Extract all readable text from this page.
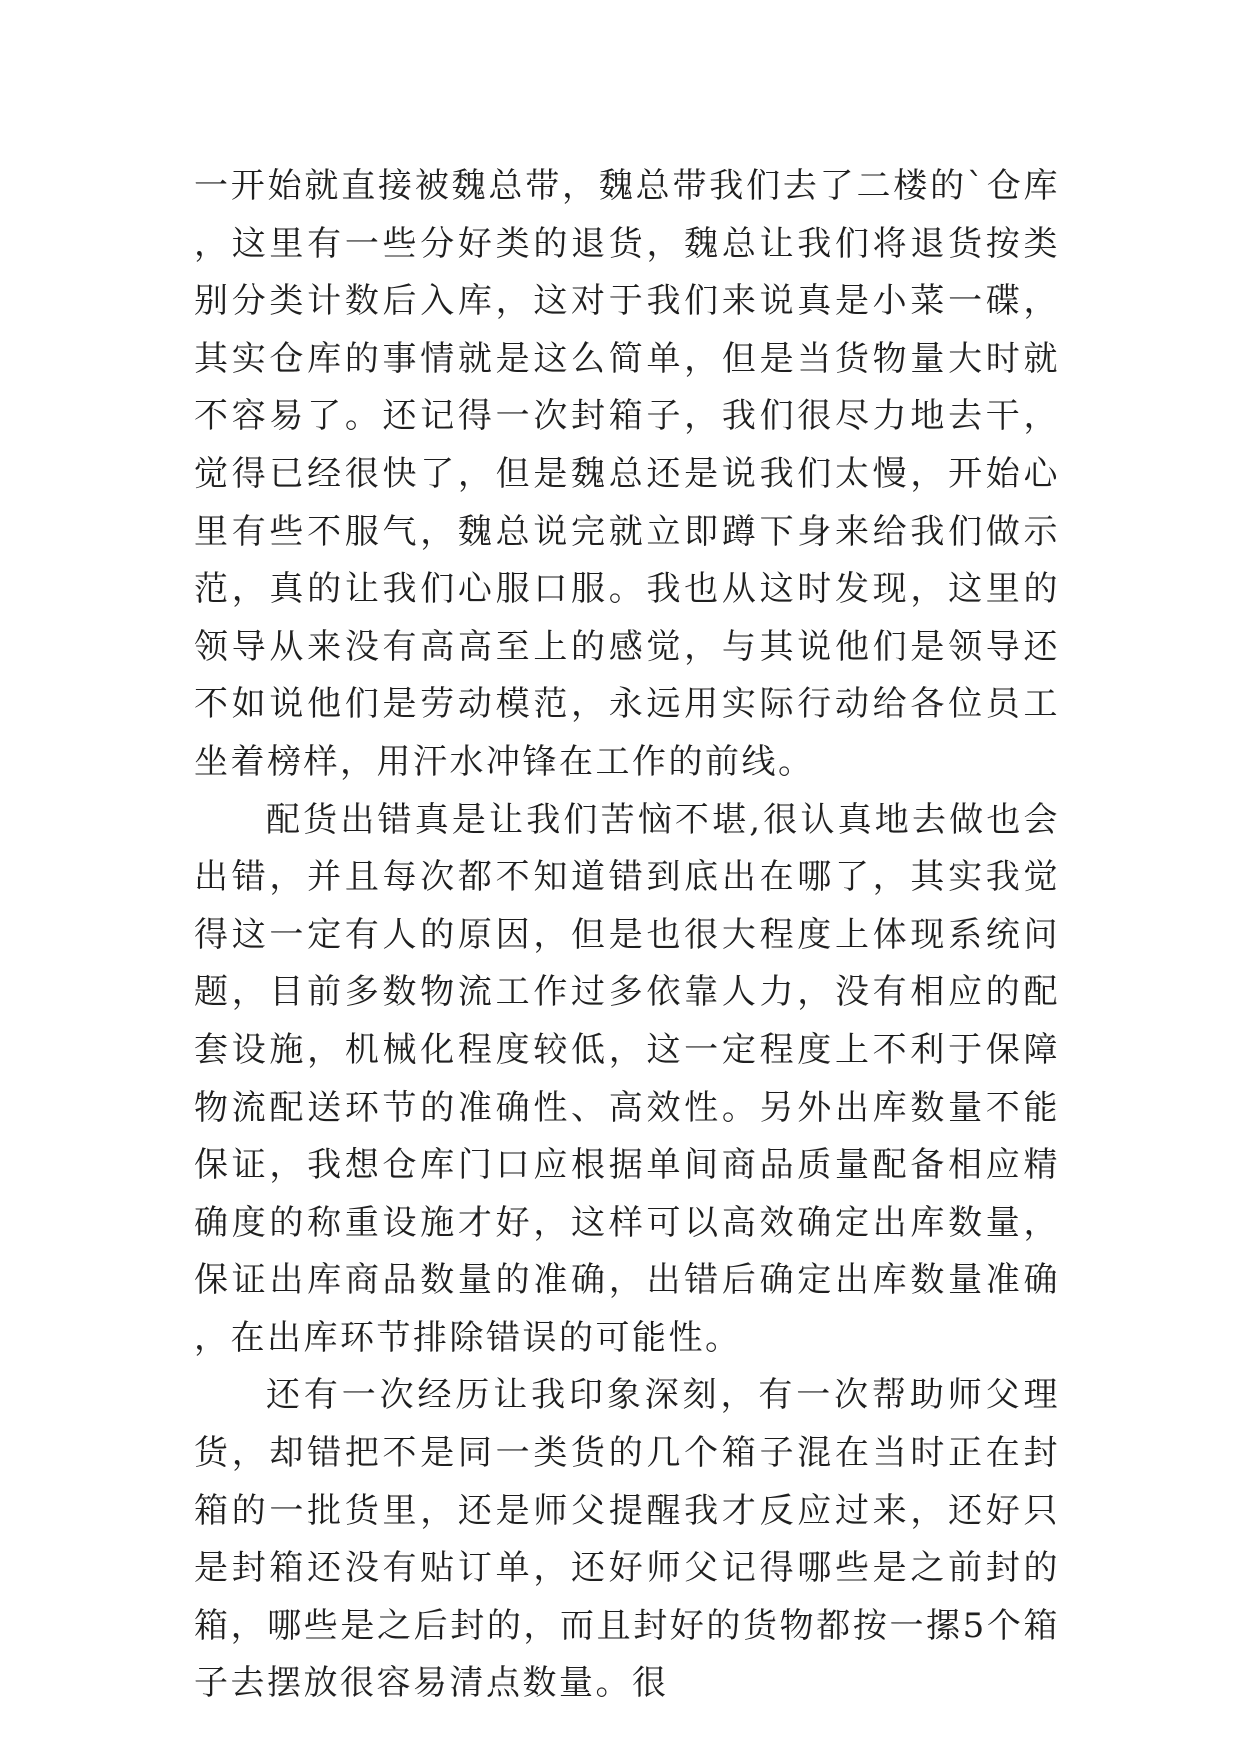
一开始就直接被魏总带，魏总带我们去了二楼的`仓库，这里有一些分好类的退货，魏总让我们将退货按类别分类计数后入库，这对于我们来说真是小菜一碟，其实仓库的事情就是这么简单，但是当货物量大时就不容易了。还记得一次封箱子，我们很尽力地去干，觉得已经很快了，但是魏总还是说我们太慢，开始心里有些不服气，魏总说完就立即蹲下身来给我们做示范，真的让我们心服口服。我也从这时发现，这里的领导从来没有高高至上的感觉，与其说他们是领导还不如说他们是劳动模范，永远用实际行动给各位员工坐着榜样，用汗水冲锋在工作的前线。

配货出错真是让我们苦恼不堪,很认真地去做也会出错，并且每次都不知道错到底出在哪了，其实我觉得这一定有人的原因，但是也很大程度上体现系统问题，目前多数物流工作过多依靠人力，没有相应的配套设施，机械化程度较低，这一定程度上不利于保障物流配送环节的准确性、高效性。另外出库数量不能保证，我想仓库门口应根据单间商品质量配备相应精确度的称重设施才好，这样可以高效确定出库数量，保证出库商品数量的准确，出错后确定出库数量准确，在出库环节排除错误的可能性。

还有一次经历让我印象深刻，有一次帮助师父理货，却错把不是同一类货的几个箱子混在当时正在封箱的一批货里，还是师父提醒我才反应过来，还好只是封箱还没有贴订单，还好师父记得哪些是之前封的箱，哪些是之后封的，而且封好的货物都按一摞5个箱子去摆放很容易清点数量。很
